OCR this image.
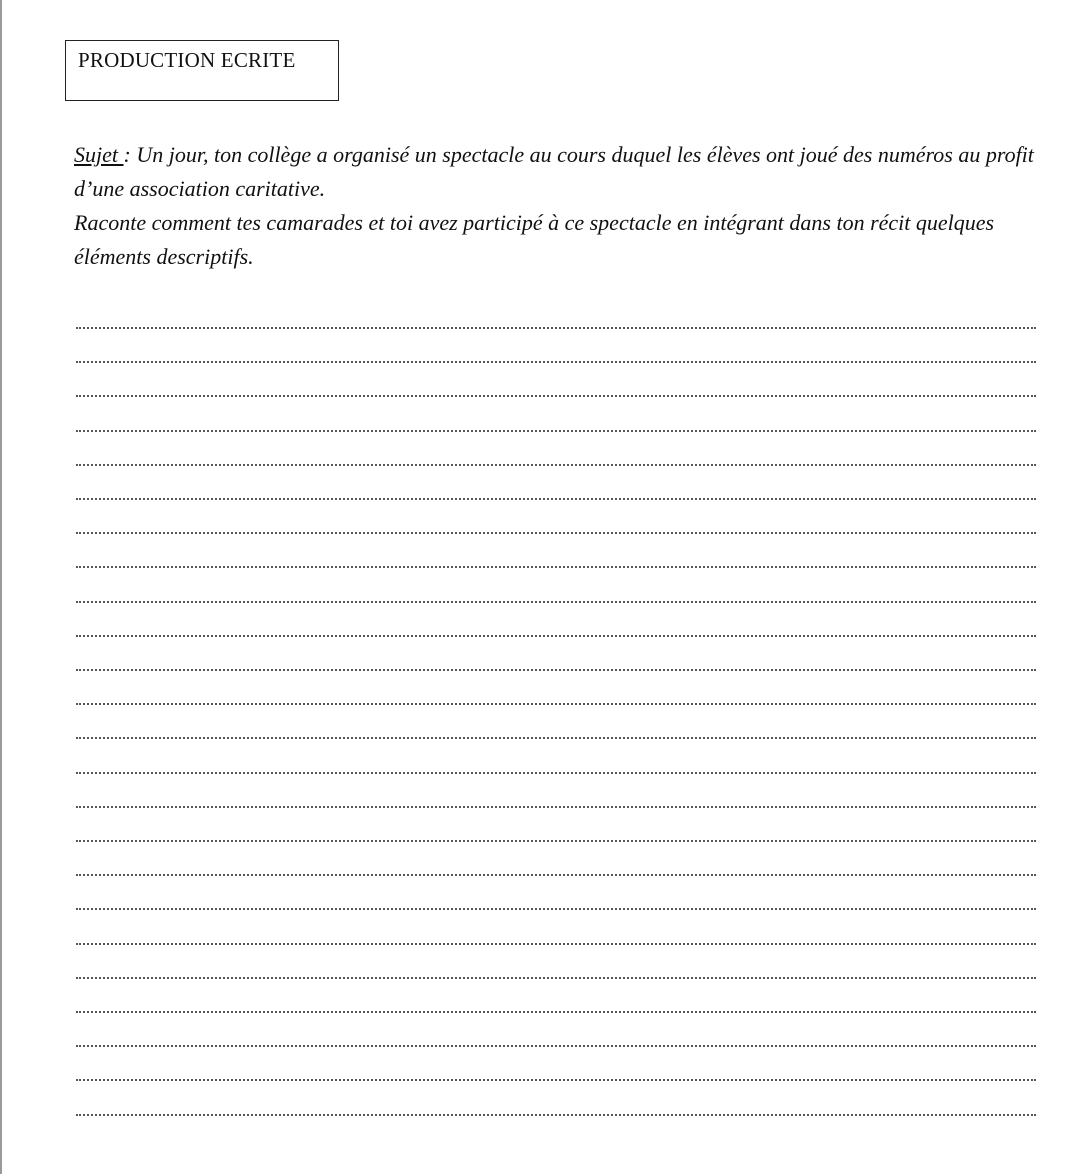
PRODUCTION ECRITE

Sujet : Un jour, ton collège a organisé un spectacle au cours duquel les élèves ont joué des numéros au profit d’une association caritative.

Raconte comment tes camarades et toi avez participé à ce spectacle en intégrant dans ton récit quelques éléments descriptifs.
